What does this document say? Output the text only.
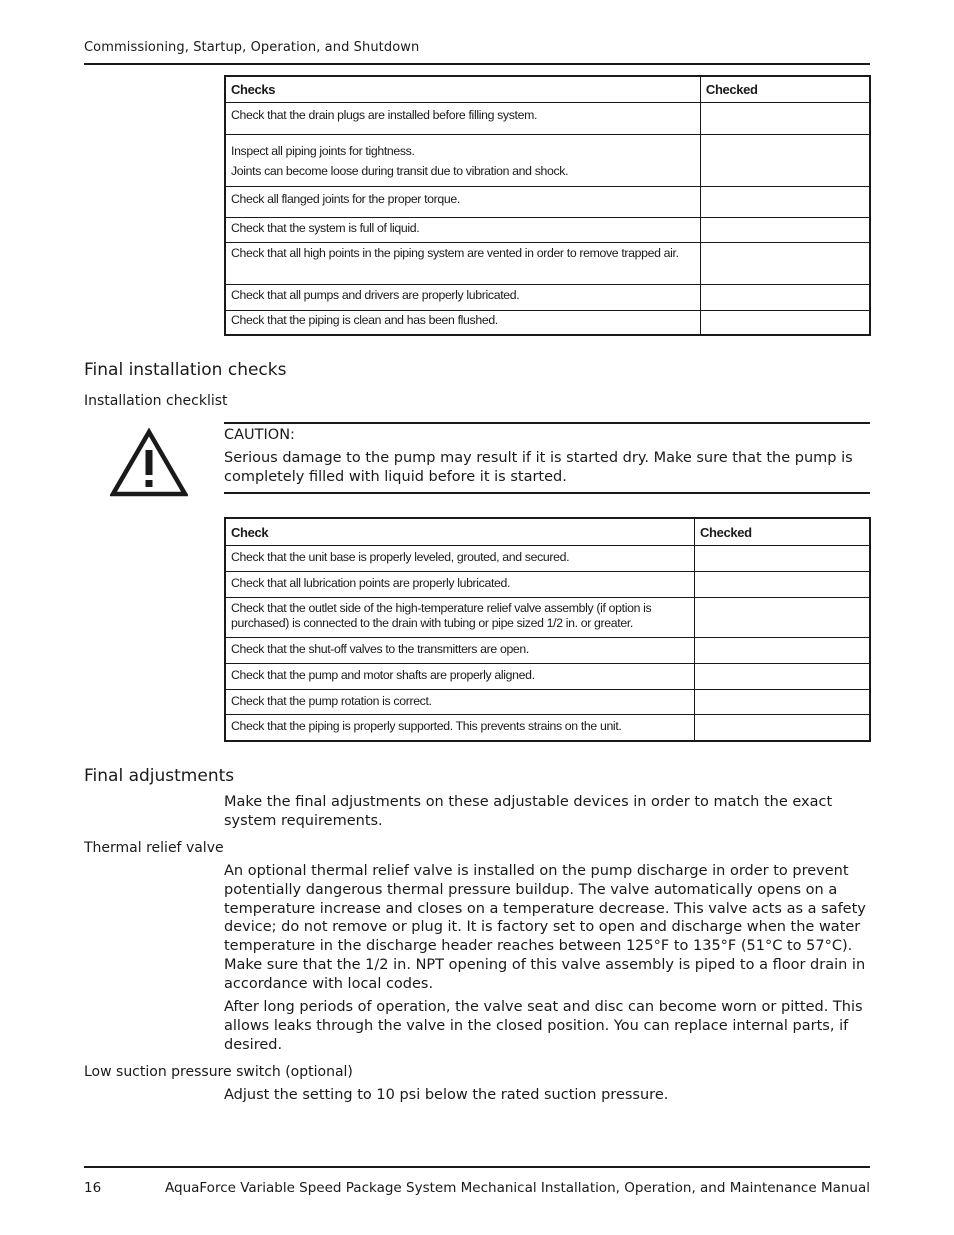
Commissioning, Startup, Operation, and Shutdown
Checks	Checked
Check that the drain plugs are installed before filling system.	

Inspect all piping joints for tightness.
Joints can become loose during transit due to vibration and shock.	

Check all flanged joints for the proper torque.	
Check that the system is full of liquid.	
Check that all high points in the piping system are vented in order to remove trapped air.	
Check that all pumps and drivers are properly lubricated.	
Check that the piping is clean and has been flushed.	
Final installation checks
Installation checklist
CAUTION:
Serious damage to the pump may result if it is started dry. Make sure that the pump is completely filled with liquid before it is started.
Check	Checked
Check that the unit base is properly leveled, grouted, and secured.	
Check that all lubrication points are properly lubricated.	
Check that the outlet side of the high-temperature relief valve assembly (if option is purchased) is connected to the drain with tubing or pipe sized 1/2 in. or greater.	
Check that the shut-off valves to the transmitters are open.	
Check that the pump and motor shafts are properly aligned.	
Check that the pump rotation is correct.	
Check that the piping is properly supported. This prevents strains on the unit.	
Final adjustments
Make the final adjustments on these adjustable devices in order to match the exact system requirements.
Thermal relief valve
An optional thermal relief valve is installed on the pump discharge in order to prevent potentially dangerous thermal pressure buildup. The valve automatically opens on a temperature increase and closes on a temperature decrease. This valve acts as a safety device; do not remove or plug it. It is factory set to open and discharge when the water temperature in the discharge header reaches between 125°F to 135°F (51°C to 57°C). Make sure that the 1/2 in. NPT opening of this valve assembly is piped to a floor drain in accordance with local codes.
After long periods of operation, the valve seat and disc can become worn or pitted. This allows leaks through the valve in the closed position. You can replace internal parts, if desired.
Low suction pressure switch (optional)
Adjust the setting to 10 psi below the rated suction pressure.
16	AquaForce Variable Speed Package System Mechanical Installation, Operation, and Maintenance Manual
